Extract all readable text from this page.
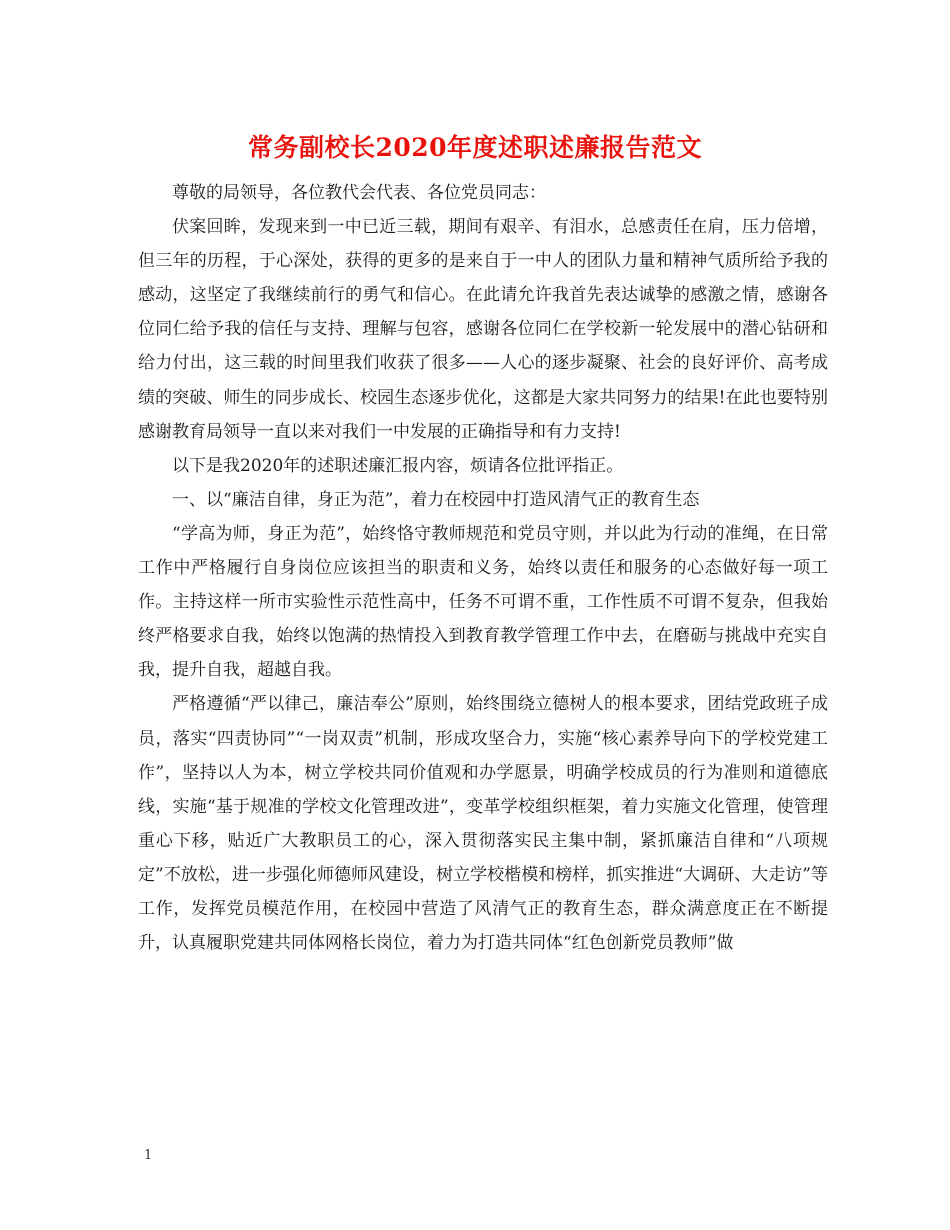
常务副校长2020年度述职述廉报告范文

尊敬的局领导，各位教代会代表、各位党员同志：

伏案回眸，发现来到一中已近三载，期间有艰辛、有泪水，总感责任在肩，压力倍增，但三年的历程，于心深处，获得的更多的是来自于一中人的团队力量和精神气质所给予我的感动，这坚定了我继续前行的勇气和信心。在此请允许我首先表达诚挚的感激之情，感谢各位同仁给予我的信任与支持、理解与包容，感谢各位同仁在学校新一轮发展中的潜心钻研和给力付出，这三载的时间里我们收获了很多——人心的逐步凝聚、社会的良好评价、高考成绩的突破、师生的同步成长、校园生态逐步优化，这都是大家共同努力的结果!在此也要特别感谢教育局领导一直以来对我们一中发展的正确指导和有力支持!

以下是我2020年的述职述廉汇报内容，烦请各位批评指正。

一、以“廉洁自律，身正为范”，着力在校园中打造风清气正的教育生态

“学高为师，身正为范”，始终恪守教师规范和党员守则，并以此为行动的准绳，在日常工作中严格履行自身岗位应该担当的职责和义务，始终以责任和服务的心态做好每一项工作。主持这样一所市实验性示范性高中，任务不可谓不重，工作性质不可谓不复杂，但我始终严格要求自我，始终以饱满的热情投入到教育教学管理工作中去，在磨砺与挑战中充实自我，提升自我，超越自我。

严格遵循“严以律己，廉洁奉公”原则，始终围绕立德树人的根本要求，团结党政班子成员，落实“四责协同”“一岗双责”机制，形成攻坚合力，实施“核心素养导向下的学校党建工作”，坚持以人为本，树立学校共同价值观和办学愿景，明确学校成员的行为准则和道德底线，实施“基于规准的学校文化管理改进”，变革学校组织框架，着力实施文化管理，使管理重心下移，贴近广大教职员工的心，深入贯彻落实民主集中制，紧抓廉洁自律和“八项规定”不放松，进一步强化师德师风建设，树立学校楷模和榜样，抓实推进“大调研、大走访”等工作，发挥党员模范作用，在校园中营造了风清气正的教育生态，群众满意度正在不断提升，认真履职党建共同体网格长岗位，着力为打造共同体“红色创新党员教师”做

1
